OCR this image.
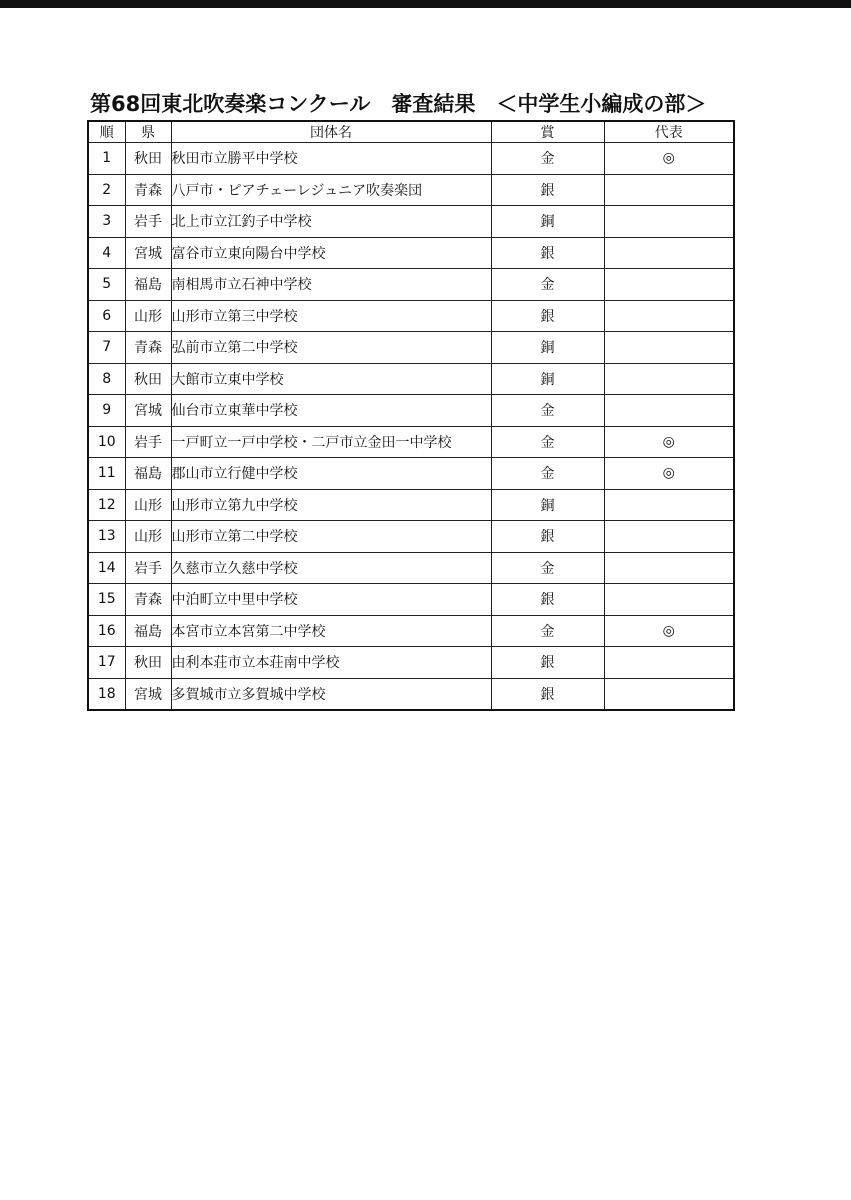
第68回東北吹奏楽コンクール　審査結果　＜中学生小編成の部＞
順	県	団体名	賞	代表
1	秋田	秋田市立勝平中学校	金	◎
2	青森	八戸市・ピアチェーレジュニア吹奏楽団	銀	
3	岩手	北上市立江釣子中学校	銅	
4	宮城	富谷市立東向陽台中学校	銀	
5	福島	南相馬市立石神中学校	金	
6	山形	山形市立第三中学校	銀	
7	青森	弘前市立第二中学校	銅	
8	秋田	大館市立東中学校	銅	
9	宮城	仙台市立東華中学校	金	
10	岩手	一戸町立一戸中学校・二戸市立金田一中学校	金	◎
11	福島	郡山市立行健中学校	金	◎
12	山形	山形市立第九中学校	銅	
13	山形	山形市立第二中学校	銀	
14	岩手	久慈市立久慈中学校	金	
15	青森	中泊町立中里中学校	銀	
16	福島	本宮市立本宮第二中学校	金	◎
17	秋田	由利本荘市立本荘南中学校	銀	
18	宮城	多賀城市立多賀城中学校	銀	
